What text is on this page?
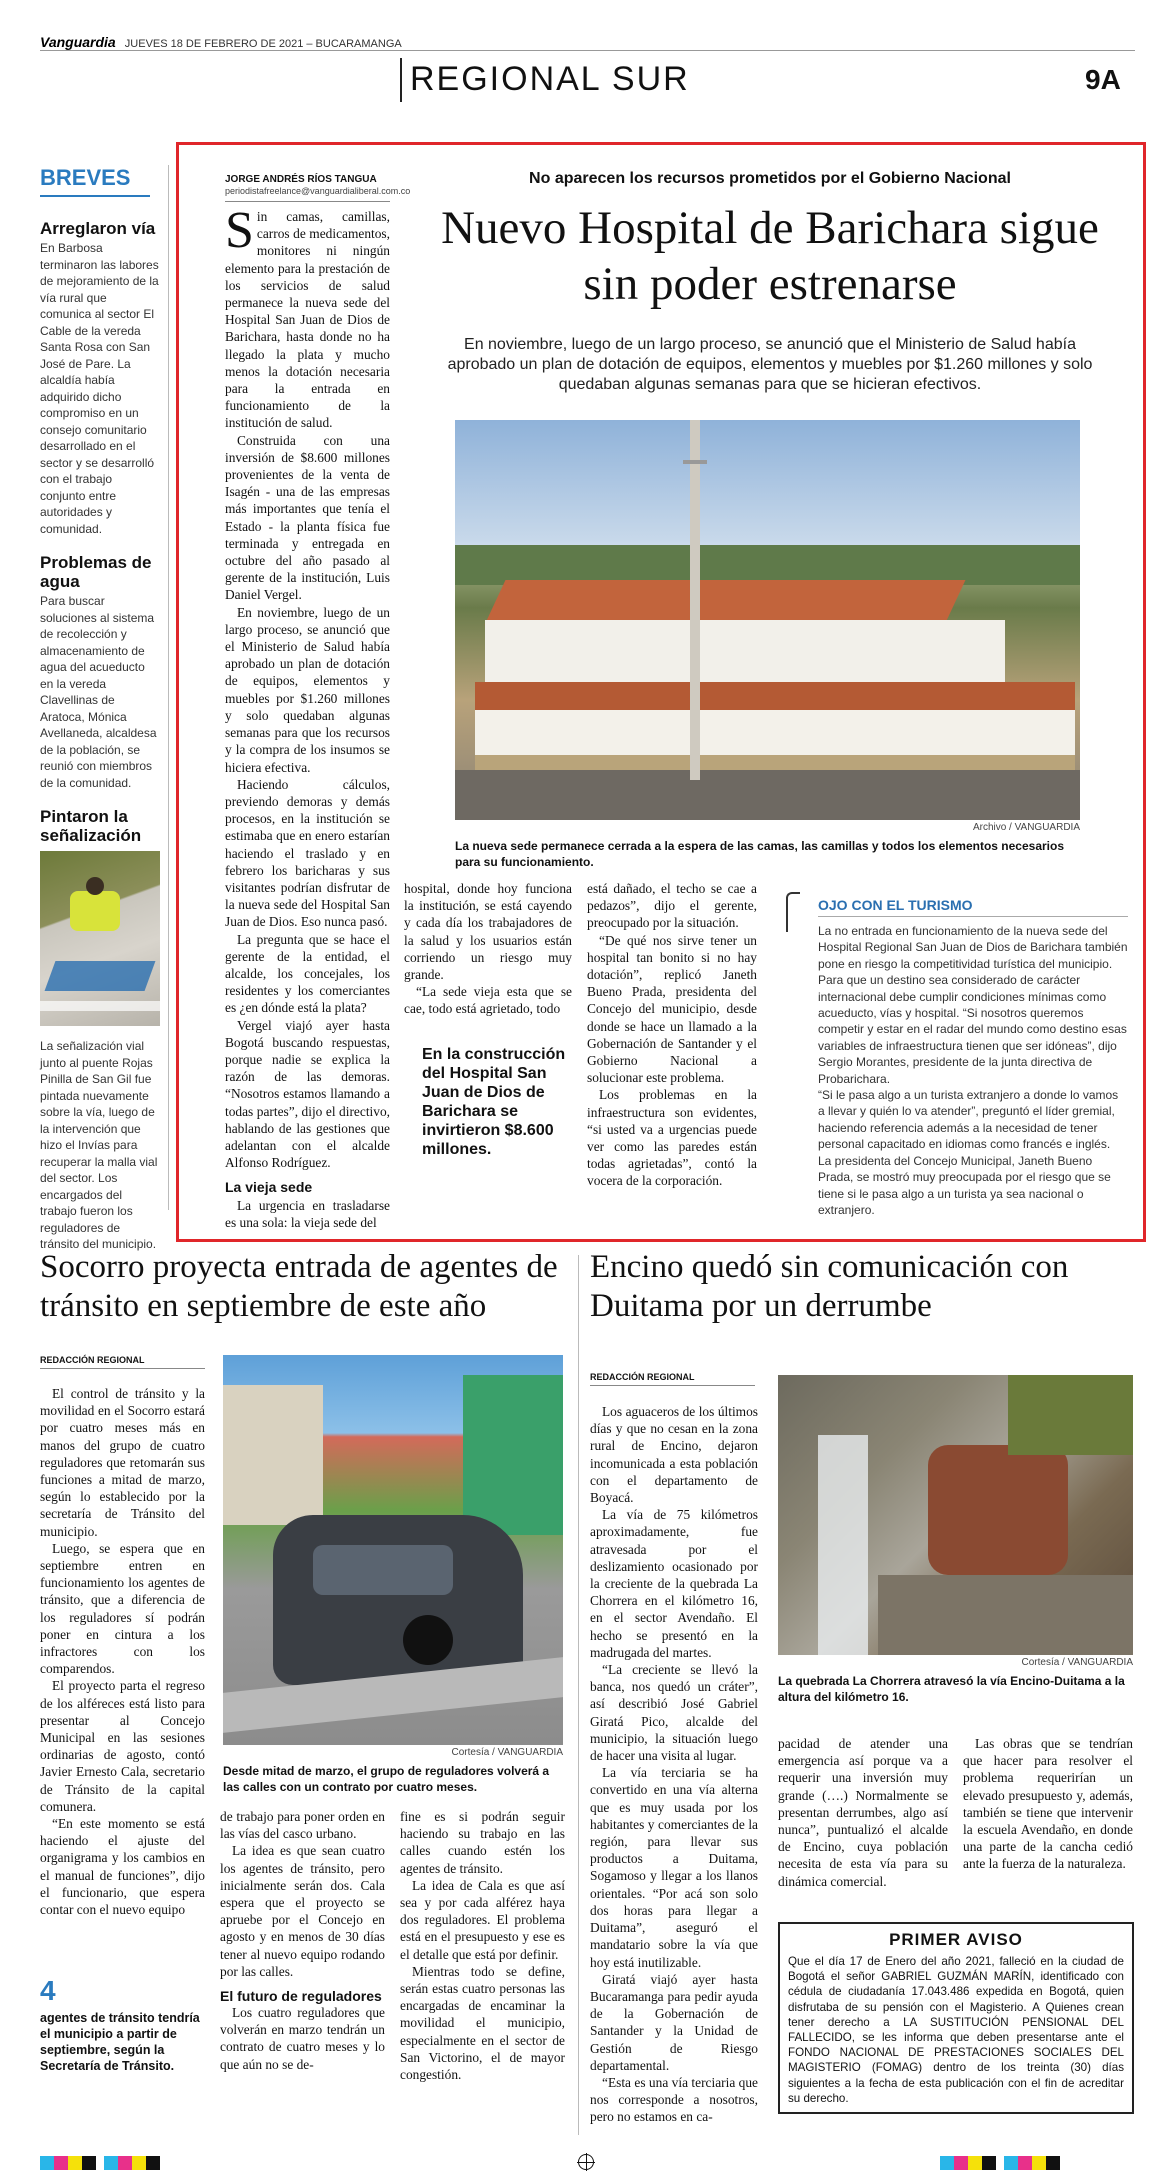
Vanguardia JUEVES 18 DE FEBRERO DE 2021 – BUCARAMANGA
REGIONAL SUR	9A
BREVES
Arreglaron vía
En Barbosa terminaron las labores de mejoramiento de la vía rural que comunica al sector El Cable de la vereda Santa Rosa con San José de Pare. La alcaldía había adquirido dicho compromiso en un consejo comunitario desarrollado en el sector y se desarrolló con el trabajo conjunto entre autoridades y comunidad.
Problemas de agua
Para buscar soluciones al sistema de recolección y almacenamiento de agua del acueducto en la vereda Clavellinas de Aratoca, Mónica Avellaneda, alcaldesa de la población, se reunió con miembros de la comunidad.
Pintaron la señalización
La señalización vial junto al puente Rojas Pinilla de San Gil fue pintada nuevamente sobre la vía, luego de la intervención que hizo el Invías para recuperar la malla vial del sector. Los encargados del trabajo fueron los reguladores de tránsito del municipio.
JORGE ANDRÉS RÍOS TANGUA
periodistafreelance@vanguardialiberal.com.co
No aparecen los recursos prometidos por el Gobierno Nacional
Nuevo Hospital de Barichara sigue sin poder estrenarse
En noviembre, luego de un largo proceso, se anunció que el Ministerio de Salud había aprobado un plan de dotación de equipos, elementos y muebles por $1.260 millones y solo quedaban algunas semanas para que se hicieran efectivos.
Archivo / VANGUARDIA
La nueva sede permanece cerrada a la espera de las camas, las camillas y todos los elementos necesarios para su funcionamiento.

Sin camas, camillas, carros de medicamentos, monitores ni ningún elemento para la prestación de los servicios de salud permanece la nueva sede del Hospital San Juan de Dios de Barichara, hasta donde no ha llegado la plata y mucho menos la dotación necesaria para la entrada en funcionamiento de la institución de salud.

Construida con una inversión de $8.600 millones provenientes de la venta de Isagén - una de las empresas más importantes que tenía el Estado - la planta física fue terminada y entregada en octubre del año pasado al gerente de la institución, Luis Daniel Vergel.

En noviembre, luego de un largo proceso, se anunció que el Ministerio de Salud había aprobado un plan de dotación de equipos, elementos y muebles por $1.260 millones y solo quedaban algunas semanas para que los recursos y la compra de los insumos se hiciera efectiva.

Haciendo cálculos, previendo demoras y demás procesos, en la institución se estimaba que en enero estarían haciendo el traslado y en febrero los baricharas y sus visitantes podrían disfrutar de la nueva sede del Hospital San Juan de Dios. Eso nunca pasó.

La pregunta que se hace el gerente de la entidad, el alcalde, los concejales, los residentes y los comerciantes es ¿en dónde está la plata?

Vergel viajó ayer hasta Bogotá buscando respuestas, porque nadie se explica la razón de las demoras. “Nosotros estamos llamando a todas partes”, dijo el directivo, hablando de las gestiones que adelantan con el alcalde Alfonso Rodríguez.

La vieja sede

La urgencia en trasladarse es una sola: la vieja sede del

hospital, donde hoy funciona la institución, se está cayendo y cada día los trabajadores de la salud y los usuarios están corriendo un riesgo muy grande.

“La sede vieja esta que se cae, todo está agrietado, todo

En la construcción del Hospital San Juan de Dios de Barichara se invirtieron $8.600 millones.

está dañado, el techo se cae a pedazos”, dijo el gerente, preocupado por la situación.

“De qué nos sirve tener un hospital tan bonito si no hay dotación”, replicó Janeth Bueno Prada, presidenta del Concejo del municipio, desde donde se hace un llamado a la Gobernación de Santander y el Gobierno Nacional a solucionar este problema.

Los problemas en la infraestructura son evidentes, “si usted va a urgencias puede ver como las paredes están todas agrietadas”, contó la vocera de la corporación.

OJO CON EL TURISMO
La no entrada en funcionamiento de la nueva sede del Hospital Regional San Juan de Dios de Barichara también pone en riesgo la competitividad turística del municipio.
Para que un destino sea considerado de carácter internacional debe cumplir condiciones mínimas como acueducto, vías y hospital. “Si nosotros queremos competir y estar en el radar del mundo como destino esas variables de infraestructura tienen que ser idóneas”, dijo Sergio Morantes, presidente de la junta directiva de Probarichara.
“Si le pasa algo a un turista extranjero a donde lo vamos a llevar y quién lo va atender”, preguntó el líder gremial, haciendo referencia además a la necesidad de tener personal capacitado en idiomas como francés e inglés.
La presidenta del Concejo Municipal, Janeth Bueno Prada, se mostró muy preocupada por el riesgo que se tiene si le pasa algo a un turista ya sea nacional o extranjero.
Socorro proyecta entrada de agentes de tránsito en septiembre de este año
REDACCIÓN REGIONAL

El control de tránsito y la movilidad en el Socorro estará por cuatro meses más en manos del grupo de cuatro reguladores que retomarán sus funciones a mitad de marzo, según lo establecido por la secretaría de Tránsito del municipio.

Luego, se espera que en septiembre entren en funcionamiento los agentes de tránsito, que a diferencia de los reguladores sí podrán poner en cintura a los infractores con los comparendos.

El proyecto parta el regreso de los alféreces está listo para presentar al Concejo Municipal en las sesiones ordinarias de agosto, contó Javier Ernesto Cala, secretario de Tránsito de la capital comunera.

“En este momento se está haciendo el ajuste del organigrama y los cambios en el manual de funciones”, dijo el funcionario, que espera contar con el nuevo equipo

4
agentes de tránsito tendría el municipio a partir de septiembre, según la Secretaría de Tránsito.
Cortesía / VANGUARDIA
Desde mitad de marzo, el grupo de reguladores volverá a las calles con un contrato por cuatro meses.

de trabajo para poner orden en las vías del casco urbano.

La idea es que sean cuatro los agentes de tránsito, pero inicialmente serán dos. Cala espera que el proyecto se apruebe por el Concejo en agosto y en menos de 30 días tener al nuevo equipo rodando por las calles.

El futuro de reguladores

Los cuatro reguladores que volverán en marzo tendrán un contrato de cuatro meses y lo que aún no se de-

fine es si podrán seguir haciendo su trabajo en las calles cuando estén los agentes de tránsito.

La idea de Cala es que así sea y por cada alférez haya dos reguladores. El problema está en el presupuesto y ese es el detalle que está por definir.

Mientras todo se define, serán estas cuatro personas las encargadas de encaminar la movilidad el municipio, especialmente en el sector de San Victorino, el de mayor congestión.

Encino quedó sin comunicación con Duitama por un derrumbe
REDACCIÓN REGIONAL

Los aguaceros de los últimos días y que no cesan en la zona rural de Encino, dejaron incomunicada a esta población con el departamento de Boyacá.

La vía de 75 kilómetros aproximadamente, fue atravesada por el deslizamiento ocasionado por la creciente de la quebrada La Chorrera en el kilómetro 16, en el sector Avendaño. El hecho se presentó en la madrugada del martes.

“La creciente se llevó la banca, nos quedó un cráter”, así describió José Gabriel Giratá Pico, alcalde del municipio, la situación luego de hacer una visita al lugar.

La vía terciaria se ha convertido en una vía alterna que es muy usada por los habitantes y comerciantes de la región, para llevar sus productos a Duitama, Sogamoso y llegar a los llanos orientales. “Por acá son solo dos horas para llegar a Duitama”, aseguró el mandatario sobre la vía que hoy está inutilizable.

Giratá viajó ayer hasta Bucaramanga para pedir ayuda de la Gobernación de Santander y la Unidad de Gestión de Riesgo departamental.

“Esta es una vía terciaria que nos corresponde a nosotros, pero no estamos en ca-

Cortesía / VANGUARDIA
La quebrada La Chorrera atravesó la vía Encino-Duitama a la altura del kilómetro 16.

pacidad de atender una emergencia así porque va a requerir una inversión muy grande (….) Normalmente se presentan derrumbes, algo así nunca”, puntualizó el alcalde de Encino, cuya población necesita de esta vía para su dinámica comercial.

Las obras que se tendrían que hacer para resolver el problema requerirían un elevado presupuesto y, además, también se tiene que intervenir la escuela Avendaño, en donde una parte de la cancha cedió ante la fuerza de la naturaleza.

PRIMER AVISO
Que el día 17 de Enero del año 2021, falleció en la ciudad de Bogotá el señor GABRIEL GUZMÁN MARÍN, identificado con cédula de ciudadanía 17.043.486 expedida en Bogotá, quien disfrutaba de su pensión con el Magisterio. A Quienes crean tener derecho a LA SUSTITUCIÓN PENSIONAL DEL FALLECIDO, se les informa que deben presentarse ante el FONDO NACIONAL DE PRESTACIONES SOCIALES DEL MAGISTERIO (FOMAG) dentro de los treinta (30) días siguientes a la fecha de esta publicación con el fin de acreditar su derecho.
